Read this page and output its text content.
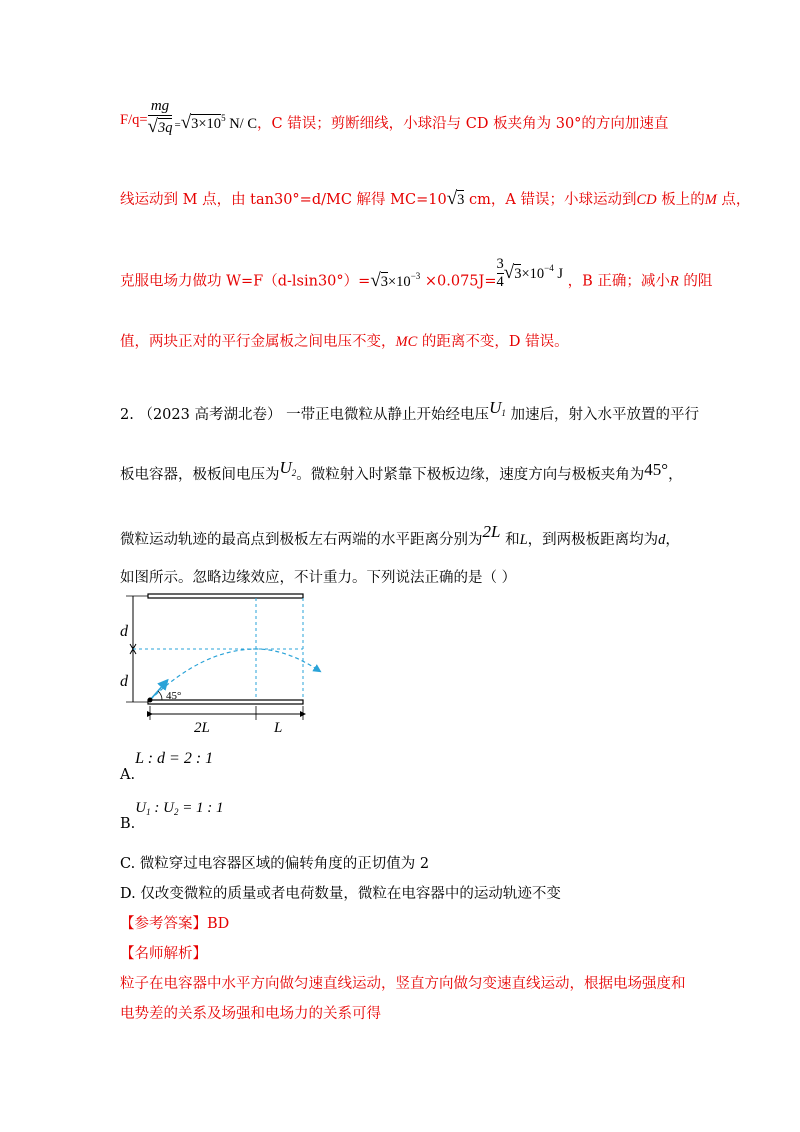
$F/q= \frac{mg}{√3q} _=√3\times 10^5$ N/ C，C 错误；剪断细线，小球沿与 CD 板夹角为 30°的方向加速直
线运动到 M 点，由 tan30°=d/MC 解得 MC=10√3 cm，A 错误；小球运动到CD 板上的M 点，
克服电场力做功 $W=F(d-lsin30^\circ)=√3\times 10^{-3} \times 0.075J= \frac{3}{4} √3\times 10^{-4}$ J ，B 正确；减小R 的阻
值，两块正对的平行金属板之间电压不变，MC 的距离不变，D 错误。
2. （2023 高考湖北卷） 一带正电微粒从静止开始经电压$U_1$ 加速后，射入水平放置的平行
板电容器，极板间电压为$U_2$。微粒射入时紧靠下极板边缘，速度方向与极板夹角为45°，
微粒运动轨迹的最高点到极板左右两端的水平距离分别为2L 和L，到两极板距离均为d，
如图所示。忽略边缘效应，不计重力。下列说法正确的是（ ）
d
d
45°
2L	L
A.L : d = 2 : 1
$B.U_1$ : $U_2 = 1$ : 1
C. 微粒穿过电容器区域的偏转角度的正切值为 2
D. 仅改变微粒的质量或者电荷数量，微粒在电容器中的运动轨迹不变
【参考答案】BD
【名师解析】
粒子在电容器中水平方向做匀速直线运动，竖直方向做匀变速直线运动，根据电场强度和
电势差的关系及场强和电场力的关系可得
